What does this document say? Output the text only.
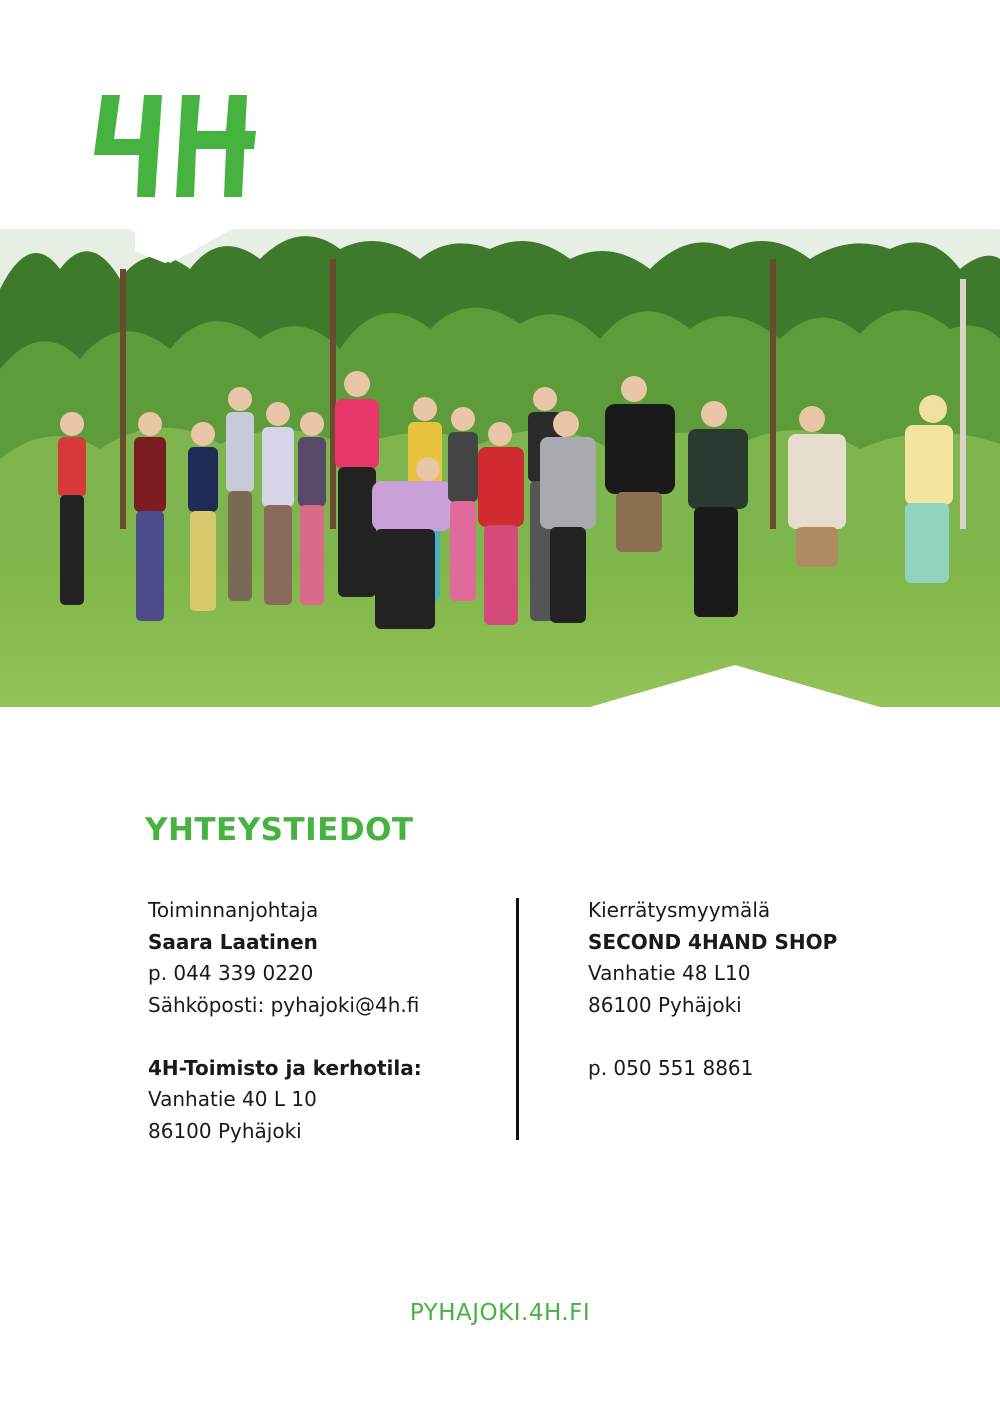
YHTEYSTIEDOT
Toiminnanjohtaja
Saara Laatinen
p. 044 339 0220
Sähköposti: pyhajoki@4h.fi
4H-Toimisto ja kerhotila:
Vanhatie 40 L 10
86100 Pyhäjoki
Kierrätysmyymälä
SECOND 4HAND SHOP
Vanhatie 48 L10
86100 Pyhäjoki
p. 050 551 8861
PYHAJOKI.4H.FI
